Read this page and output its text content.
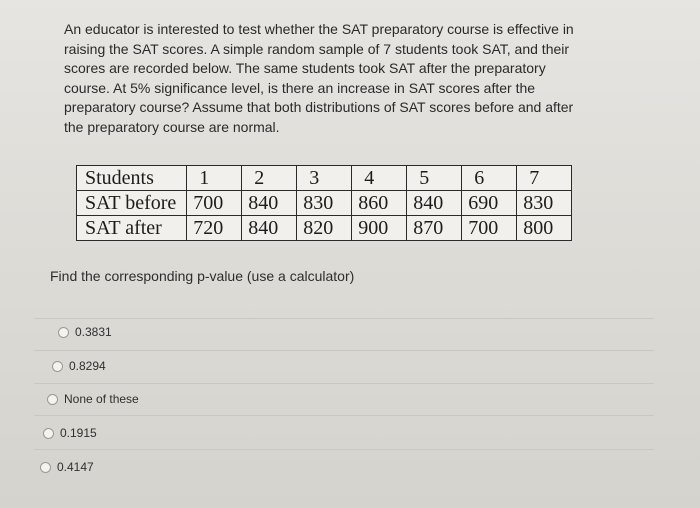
An educator is interested to test whether the SAT preparatory course is effective in

raising the SAT scores. A simple random sample of 7 students took SAT, and their

scores are recorded below. The same students took SAT after the preparatory

course. At 5% significance level, is there an increase in SAT scores after the

preparatory course? Assume that both distributions of SAT scores before and after

the preparatory course are normal.

Students	1	2	3	4	5	6	7
SAT before	700	840	830	860	840	690	830
SAT after	720	840	820	900	870	700	800
Find the corresponding p-value (use a calculator)
0.3831
0.8294
None of these
0.1915
0.4147
